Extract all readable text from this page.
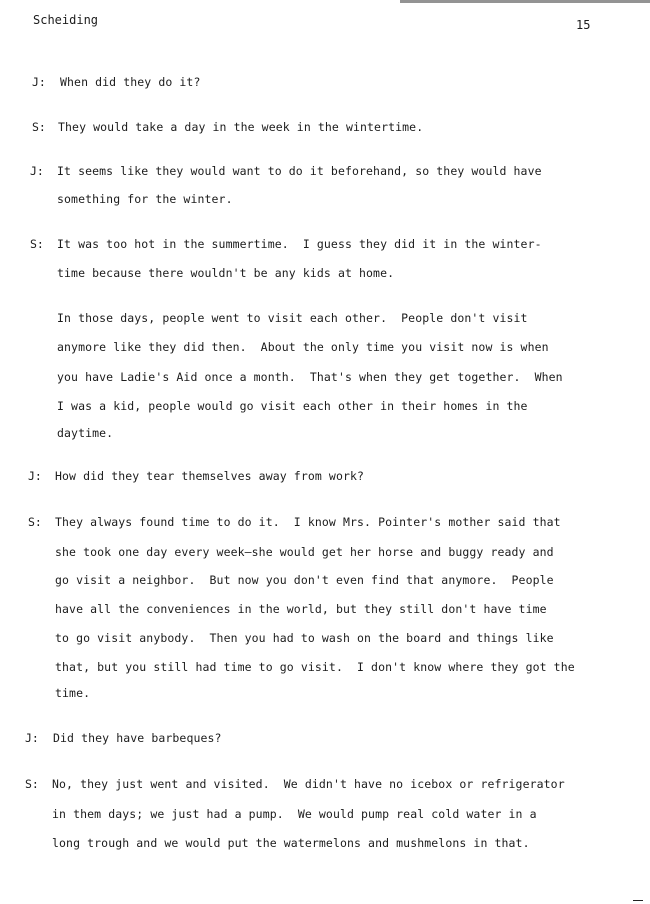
Scheiding	15
J: When did they do it?
S: They would take a day in the week in the wintertime.
J: It seems like they would want to do it beforehand, so they would have
something for the winter.
S: It was too hot in the summertime.  I guess they did it in the winter-
time because there wouldn't be any kids at home.
In those days, people went to visit each other.  People don't visit
anymore like they did then.  About the only time you visit now is when
you have Ladie's Aid once a month.  That's when they get together.  When
I was a kid, people would go visit each other in their homes in the
daytime.
J: How did they tear themselves away from work?
S: They always found time to do it.  I know Mrs. Pointer's mother said that
she took one day every week—she would get her horse and buggy ready and
go visit a neighbor.  But now you don't even find that anymore.  People
have all the conveniences in the world, but they still don't have time
to go visit anybody.  Then you had to wash on the board and things like
that, but you still had time to go visit.  I don't know where they got the
time.
J: Did they have barbeques?
S: No, they just went and visited.  We didn't have no icebox or refrigerator
in them days; we just had a pump.  We would pump real cold water in a
long trough and we would put the watermelons and mushmelons in that.
